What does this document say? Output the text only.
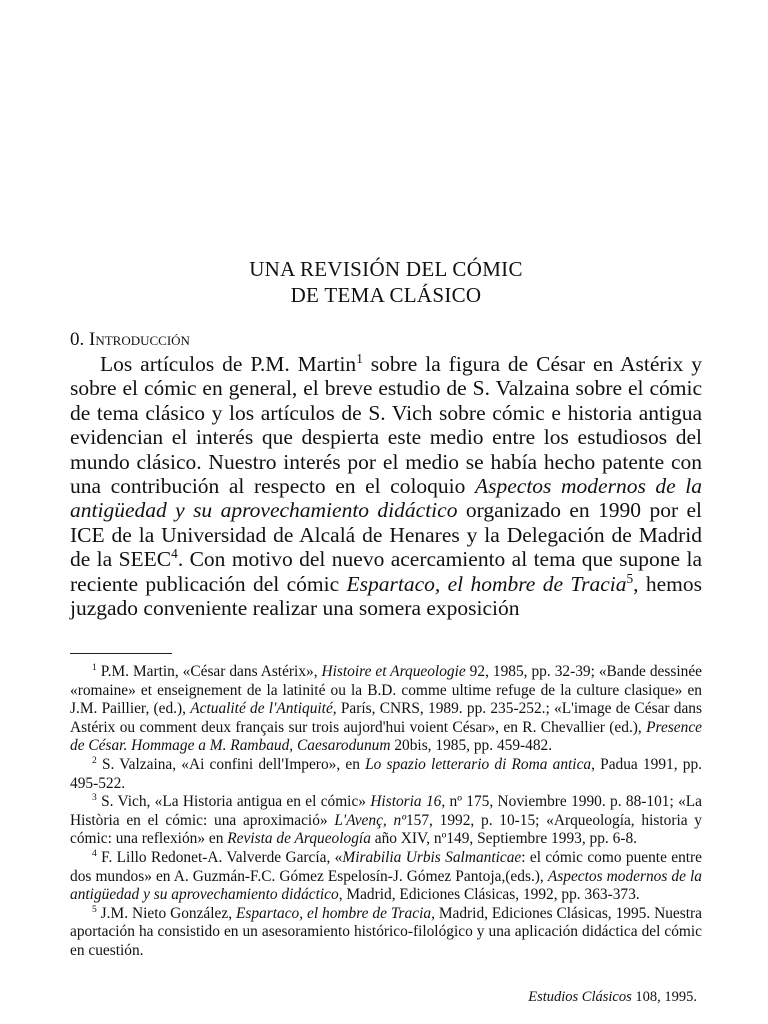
UNA REVISIÓN DEL CÓMIC
DE TEMA CLÁSICO
0. Introducción
Los artículos de P.M. Martin$^1$ sobre la figura de César en Astérix y sobre el cómic en general, el breve estudio de S. Valzaina sobre el cómic de tema clásico y los artículos de S. Vich sobre cómic e historia antigua evidencian el interés que despierta este medio entre los estudiosos del mundo clásico. Nuestro interés por el medio se había hecho patente con una contribución al respecto en el coloquio Aspectos modernos de la antigüedad y su aprovechamiento didáctico organizado en 1990 por el ICE de la Universidad de Alcalá de Henares y la Delegación de Madrid de la SEEC$^4$. Con motivo del nuevo acercamiento al tema que supone la reciente publicación del cómic Espartaco, el hombre de Tracia$^5$, hemos juzgado conveniente realizar una somera exposición

$^1$ P.M. Martin, «César dans Astérix», Histoire et Arqueologie 92, 1985, pp. 32-39; «Bande dessinée «romaine» et enseignement de la latinité ou la B.D. comme ultime refuge de la culture clasique» en J.M. Paillier, (ed.), Actualité de l'Antiquité, París, CNRS, 1989. pp. 235-252.; «L'image de César dans Astérix ou comment deux français sur trois aujord'hui voient César», en R. Chevallier (ed.), Presence de César. Hommage a M. Rambaud, Caesarodunum 20bis, 1985, pp. 459-482.

$^2$ S. Valzaina, «Ai confini dell'Impero», en Lo spazio letterario di Roma antica, Padua 1991, pp. 495-522.

$^3$ S. Vich, «La Historia antigua en el cómic» Historia 16, nº 175, Noviembre 1990. p. 88-101; «La Història en el cómic: una aproximació» L'Avenç, nº157, 1992, p. 10-15; «Arqueología, historia y cómic: una reflexión» en Revista de Arqueología año XIV, nº149, Septiembre 1993, pp. 6-8.

$^4$ F. Lillo Redonet-A. Valverde García, «Mirabilia Urbis Salmanticae: el cómic como puente entre dos mundos» en A. Guzmán-F.C. Gómez Espelosín-J. Gómez Pantoja,(eds.), Aspectos modernos de la antigüedad y su aprovechamiento didáctico, Madrid, Ediciones Clásicas, 1992, pp. 363-373.

$^5$ J.M. Nieto González, Espartaco, el hombre de Tracia, Madrid, Ediciones Clásicas, 1995. Nuestra aportación ha consistido en un asesoramiento histórico-filológico y una aplicación didáctica del cómic en cuestión.

Estudios Clásicos 108, 1995.
